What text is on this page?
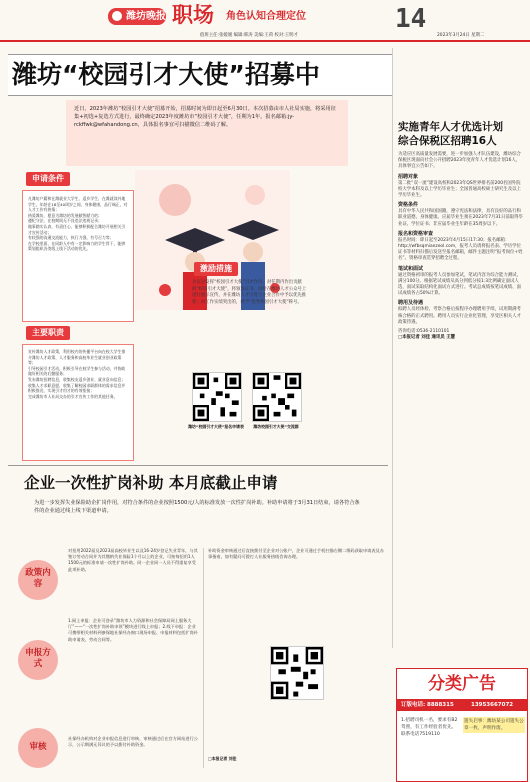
潍坊晚报 职场 角色认知合理定位	14
2023年3月24日 星期二
值班主任:张媛媛 编辑:韩涛 美编:王荷 校对:王明才
潍坊“校园引才大使”招募中
近日，2023年潍坊“校园引才大使”招募开始，招募时间为即日起至6月30日。本次招募由市人社局实施，将采用征集+初选+复选方式进行，最终确定2023年度潍坊市“校园引才大使”，任期为1年。报名邮箱:jy-rckffwk@wfahandong.cn，具体报名事宜可扫描微信二维码了解。
申请条件
凡潍坊户籍和在潍就业大学生、返乡学生、在潍就读外地学生，年龄在18至40周岁之间，身体健康，品行端正，对人才工作有热情；
热爱潍坊，愿意为潍坊的发展献智献力的；
遵纪守法，在校期间无不良违法违规记录；
做事踏实认真，有责任心，能够积极配合潍坊开展相关引才宣传活动；
有较强的沟通交流能力，执行力强，有号召力等；
在学校里面，在同龄人中有一定影响力的学生骨干，能够策划组织各类线上线下活动的优先。
主要职责
宣传潍坊人才政策，利用校内的传播平台向在校大学生推介潍坊人才政策、人才服务和高校毕业生就业创业政策等；
引导校园引才活动，积极引导在校学生参与活动，并协助做好相关的后勤服务；
发布潍坊招聘信息，收集校友返乡创业、就业意向信息；
收集人才求职意愿，收集了解校园求职群体的需求信息并积极推送，实现引才用才的有效衔接；
完成潍坊市人社局交办的引才宣传工作的其他任务。
激励措施
为充分发挥“校园引才大使”引才作用，对任期内作出贡献的“校园引才大使”，将颁发证书，同时在潍坊人才公众号上进行展示宣传，并在潍坊人才引进与企业合作中予以优先推荐；对工作实绩突出的，授予“优秀校园引才大使”称号。
潍坊“校园引才大使”报名申请表	潍坊校园引才大使”交流群
实施青年人才优选计划
综合保税区招聘16人
为适应区高质量发展需要，进一步加强人才队伍建设，潍坊综合保税区现面向社会公开招聘2023年度青年人才优选计划16人，具体事宜公告如下。
招聘对象
第二批“双一流”建设高校和2023年QS世界排名前200名国外院校大学本科及以上学历毕业生；全国普通高校硕士研究生及以上学历毕业生。
资格条件
具有中华人民共和国国籍，遵守宪法和法律，具有良好的品行和职业道德，身体健康。应届毕业生须在2023年7月31日前取得毕业证、学位证书；非应届毕业生年龄在35周岁以下。
报名和资格审查
报名时间：即日起至2023年4月15日17:30；报名邮箱：http://wfbsqmianzeol.com，报考人员请将报名表、学历学位证书等材料扫描后发送至报名邮箱，邮件主题注明“报考岗位+姓名”。资格审查贯穿招聘全过程。
笔试和面试
通过资格初审的报考人员参加笔试，笔试内容为综合能力测试，满分100分。根据笔试成绩从高分到低分按1:3比例确定面试人选，面试采取结构化面试方式进行。考试总成绩按笔试成绩、面试成绩各占50%计算。
聘用及待遇
拟聘人员经体检、考察合格后按程序办理聘用手续，试用期满考核合格的正式聘用。聘用人员实行企业化管理，享受区相关人才政策待遇。
咨询电话:0536-2110101
□本报记者 刘佳 通讯员 王慧
企业一次性扩岗补助 本月底截止申请
为进一步发挥失业保险助企扩岗作用，对符合条件的企业按照1500元/人的标准发放一次性扩岗补助。补助申请将于3月31日结束，请各符合条件的企业通过线上线下渠道申请。
政策内容
对招用2022届及2023届高校毕业生以及16-24岁登记失业青年，与其签订劳动合同并为其缴纳失业保险1个月以上的企业，可按每招用1人1500元的标准申请一次性扩岗补助。同一企业同一人员不得重复享受此项补助。
申报方式
1.网上申报：企业可登录“潍坊市人力资源和社会保障局网上服务大厅”——“一次性扩岗补助申领”模块进行线上申报；2.线下申报：企业可携带相关材料到参保地社保经办窗口现场申报。申报材料包括扩岗补助申请表、劳动合同等。
补助资金审核通过后直接拨付至企业对公账户，企业可通过手机扫描右侧二维码获取申请表及办事指南，如有疑问可拨打人社服务热线咨询办理。
审核
社保经办机构对企业申报信息进行审核，审核通过后在官方网站进行公示，公示期满无异议的予以拨付补助资金。
□本报记者 刘佳
分类广告
订版电话: 8888315	13953667072
1.招聘司机一名，要求有B2驾照，有工作经验者优先。联系电话7519110
遗失启事：潍坊某公司遗失公章一枚，声明作废。
